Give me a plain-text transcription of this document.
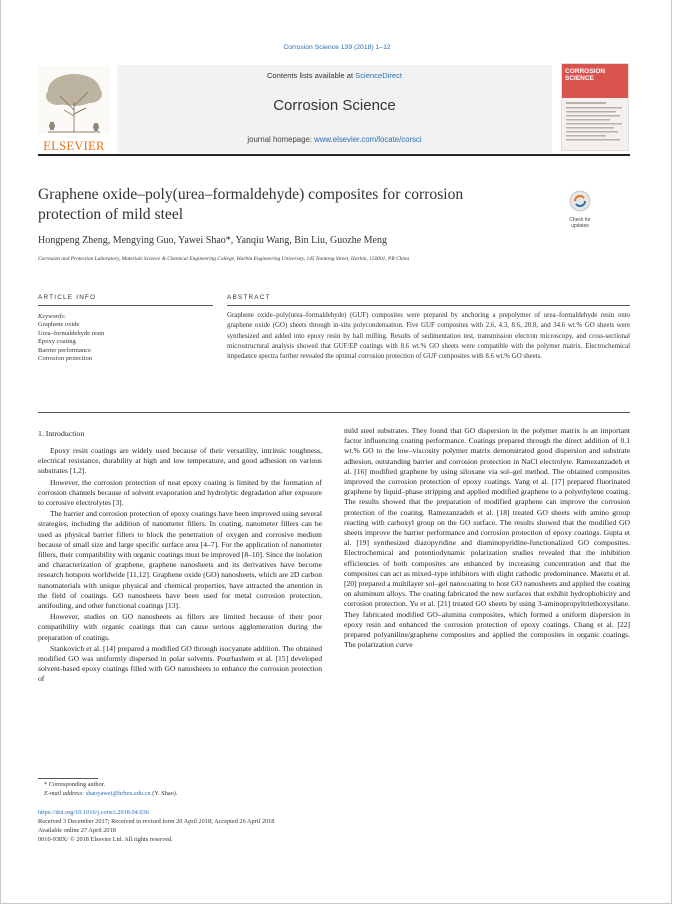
Corrosion Science 139 (2018) 1–12
ELSEVIER
Contents lists available at ScienceDirect
Corrosion Science
journal homepage: www.elsevier.com/locate/corsci
CORROSION
SCIENCE
Graphene oxide–poly(urea–formaldehyde) composites for corrosion
protection of mild steel	Check for
updates
Hongpeng Zheng, Mengying Guo, Yawei Shao*, Yanqiu Wang, Bin Liu, Guozhe Meng
Corrosion and Protection Laboratory, Materials Science & Chemical Engineering College, Harbin Engineering University, 145 Nantong Street, Harbin, 150001, PR China
ARTICLE INFO	ABSTRACT
Keywords:
Graphene oxide
Urea–formaldehyde resin
Epoxy coating
Barrier performance
Corrosion protection
Graphene oxide–poly(urea–formaldehyde) (GUF) composites were prepared by anchoring a prepolymer of urea–formaldehyde resin onto graphene oxide (GO) sheets through in-situ polycondensation. Five GUF composites with 2.6, 4.3, 8.6, 20.8, and 34.6 wt.% GO sheets were synthesized and added into epoxy resin by ball milling. Results of sedimentation test, transmission electron microscopy, and cross-sectional microstructural analysis showed that GUF/EP coatings with 8.6 wt.% GO sheets were compatible with the polymer matrix. Electrochemical impedance spectra further revealed the optimal corrosion protection of GUF composites with 8.6 wt.% GO sheets.
1. Introduction

Epoxy resin coatings are widely used because of their versatility, intrinsic toughness, electrical resistance, durability at high and low temperature, and good adhesion on various substrates [1,2].

However, the corrosion protection of neat epoxy coating is limited by the formation of corrosion channels because of solvent evaporation and hydrolytic degradation after exposure to corrosive electrolytes [3].

The barrier and corrosion protection of epoxy coatings have been improved using several strategies, including the addition of nanometer fillers. In coating, nanometer fillers can be used as physical barrier fillers to block the penetration of oxygen and corrosive medium because of small size and large specific surface area [4–7]. For the application of nanometer fillers, their compatibility with organic coatings must be improved [8–10]. Since the isolation and characterization of graphene, graphene nanosheets and its derivatives have become research hotspots worldwide [11,12]. Graphene oxide (GO) nanosheets, which are 2D carbon nanomaterials with unique physical and chemical properties, have attracted the attention in the field of coatings. GO nanosheets have been used for metal corrosion protection, antifouling, and other functional coatings [13].

However, studies on GO nanosheets as fillers are limited because of their poor compatibility with organic coatings that can cause serious agglomeration during the preparation of coatings.

Stankovich et al. [14] prepared a modified GO through isocyanate addition. The obtained modified GO was uniformly dispersed in polar solvents. Pourhashem et al. [15] developed solvent-based epoxy coatings filled with GO nanosheets to enhance the corrosion protection of

mild steel substrates. They found that GO dispersion in the polymer matrix is an important factor influencing coating performance. Coatings prepared through the direct addition of 0.1 wt.% GO to the low–viscosity polymer matrix demonstrated good dispersion and substrate adhesion, outstanding barrier and corrosion protection in NaCl electrolyte. Ramezanzadeh et al. [16] modified graphene by using siloxane via sol–gel method. The obtained composites improved the corrosion protection of epoxy coatings. Yang et al. [17] prepared fluorinated graphene by liquid–phase stripping and applied modified graphene to a polyethylene coating. The results showed that the preparation of modified graphene can improve the corrosion protection of the coating. Ramezanzadeh et al. [18] treated GO sheets with amino group reacting with carboxyl group on the GO surface. The results showed that the modified GO sheets improve the barrier performance and corrosion protection of epoxy coatings. Gupta et al. [19] synthesized diazopyridine and diaminopyridine-functionalized GO composites. Electrochemical and potentiodynamic polarization studies revealed that the inhibition efficiencies of both composites are enhanced by increasing concentration and that the composites can act as mixed–type inhibitors with slight cathodic predominance. Maeztu et al. [20] prepared a multilayer sol–gel nanocoating to host GO nanosheets and applied the coating on aluminum alloys. The coating fabricated the new surfaces that exhibit hydrophobicity and corrosion protection. Yu et al. [21] treated GO sheets by using 3-aminopropyltriethoxysilane. They fabricated modified GO–alumina composites, which formed a uniform dispersion in epoxy resin and enhanced the corrosion protection of epoxy coatings. Chang et al. [22] prepared polyaniline/graphene composites and applied the composites in organic coatings. The polarization curve

* Corresponding author.
E-mail address: shaoyawei@hrbeu.edu.cn (Y. Shao).
https://doi.org/10.1016/j.corsci.2018.04.036
Received 3 December 2017; Received in revised form 20 April 2018; Accepted 26 April 2018
Available online 27 April 2018
0010-938X/ © 2018 Elsevier Ltd. All rights reserved.
